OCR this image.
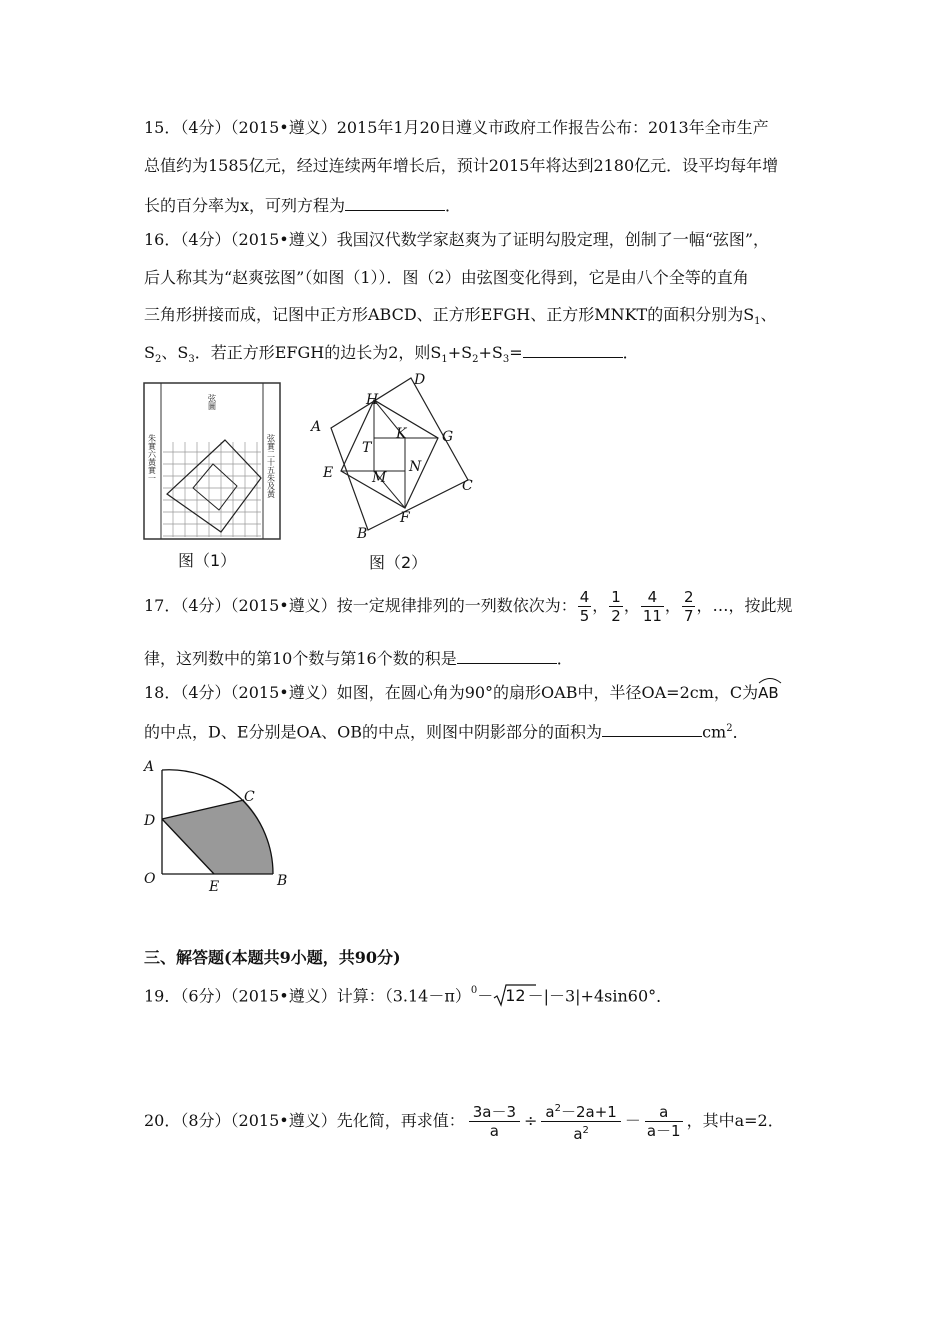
15．（4分）（2015•遵义）2015年1月20日遵义市政府工作报告公布：2013年全市生产
总值约为1585亿元，经过连续两年增长后，预计2015年将达到2180亿元．设平均每年增
长的百分率为x，可列方程为	．
16．（4分）（2015•遵义）我国汉代数学家赵爽为了证明勾股定理，创制了一幅“弦图”，
后人称其为“赵爽弦图”（如图（1））．图（2）由弦图变化得到，它是由八个全等的直角
三角形拼接而成，记图中正方形ABCD、正方形EFGH、正方形MNKT的面积分别为$S_1$、
$S_2$、$S_3$．若正方形EFGH的边长为2，则$S_1+S_2+S_3=$	．
弦圖
朱實六黃實一	弦實二十五朱及黃
图（1）
D
H
A	K	G
T
N
E	M	C
F
B
图（2）
17．（4分）（2015•遵义）按一定规律排列的一列数依次为： $\frac{4}{5}$ ， $\frac{1}{2}$ ， $\frac{4}{11}$ ， $\frac{2}{7}$ ，…，按此规
律，这列数中的第10个数与第16个数的积是	．
18．（4分）（2015•遵义）如图，在圆心角为90°的扇形OAB中，半径OA=2cm，C为
AB
的中点，D、E分别是OA、OB的中点，则图中阴影部分的面积为	$cm^2$．
A
C
D
O	E	B
三、解答题(本题共9小题，共90分)
19．（6分）（2015•遵义）计算：$(3.14-\pi)^0- 12 -|-3|+4\sin 60^\circ$．
20．（8分）（2015•遵义）先化简，再求值： $\frac{3a-3}{a} \div \frac{a^2-2a+1}{a^2} - \frac{a}{a-1}$ ，其中a=2．
